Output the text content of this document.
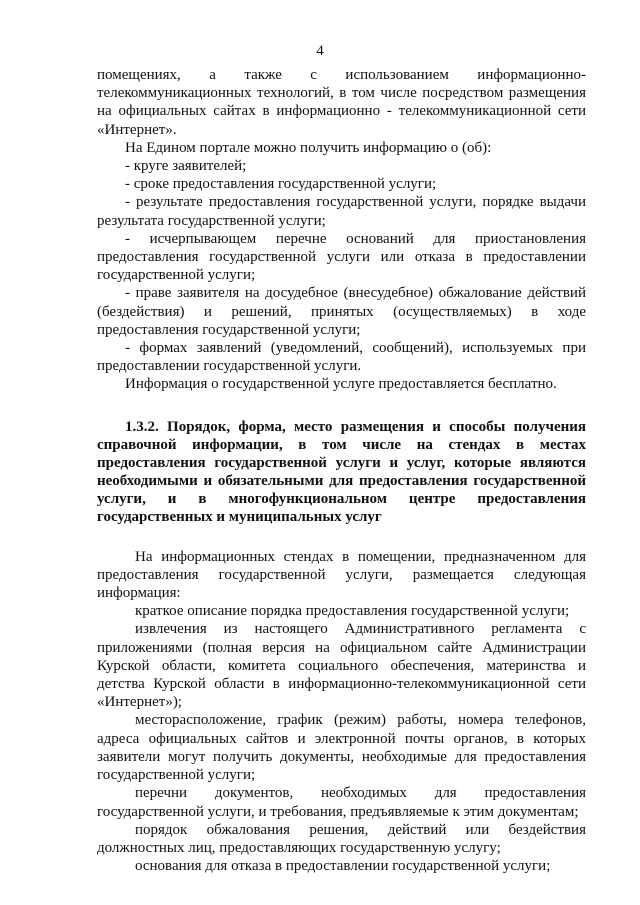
4

помещениях, а также с использованием информационно-телекоммуникационных технологий, в том числе посредством размещения на официальных сайтах в информационно - телекоммуникационной сети «Интернет».

На Едином портале можно получить информацию о (об):

- круге заявителей;

- сроке предоставления государственной услуги;

- результате предоставления государственной услуги, порядке выдачи результата государственной услуги;

- исчерпывающем перечне оснований для приостановления предоставления государственной услуги или отказа в предоставлении государственной услуги;

- праве заявителя на досудебное (внесудебное) обжалование действий (бездействия) и решений, принятых (осуществляемых) в ходе предоставления государственной услуги;

- формах заявлений (уведомлений, сообщений), используемых при предоставлении государственной услуги.

Информация о государственной услуге предоставляется бесплатно.

1.3.2. Порядок, форма, место размещения и способы получения справочной информации, в том числе на стендах в местах предоставления государственной услуги и услуг, которые являются необходимыми и обязательными для предоставления государственной услуги, и в многофункциональном центре предоставления государственных и муниципальных услуг

На информационных стендах в помещении, предназначенном для предоставления государственной услуги, размещается следующая информация:

краткое описание порядка предоставления государственной услуги;

извлечения из настоящего Административного регламента с приложениями (полная версия на официальном сайте Администрации Курской области, комитета социального обеспечения, материнства и детства Курской области в информационно-телекоммуникационной сети «Интернет»);

месторасположение, график (режим) работы, номера телефонов, адреса официальных сайтов и электронной почты органов, в которых заявители могут получить документы, необходимые для предоставления государственной услуги;

перечни документов, необходимых для предоставления государственной услуги, и требования, предъявляемые к этим документам;

порядок обжалования решения, действий или бездействия должностных лиц, предоставляющих государственную услугу;

основания для отказа в предоставлении государственной услуги;
